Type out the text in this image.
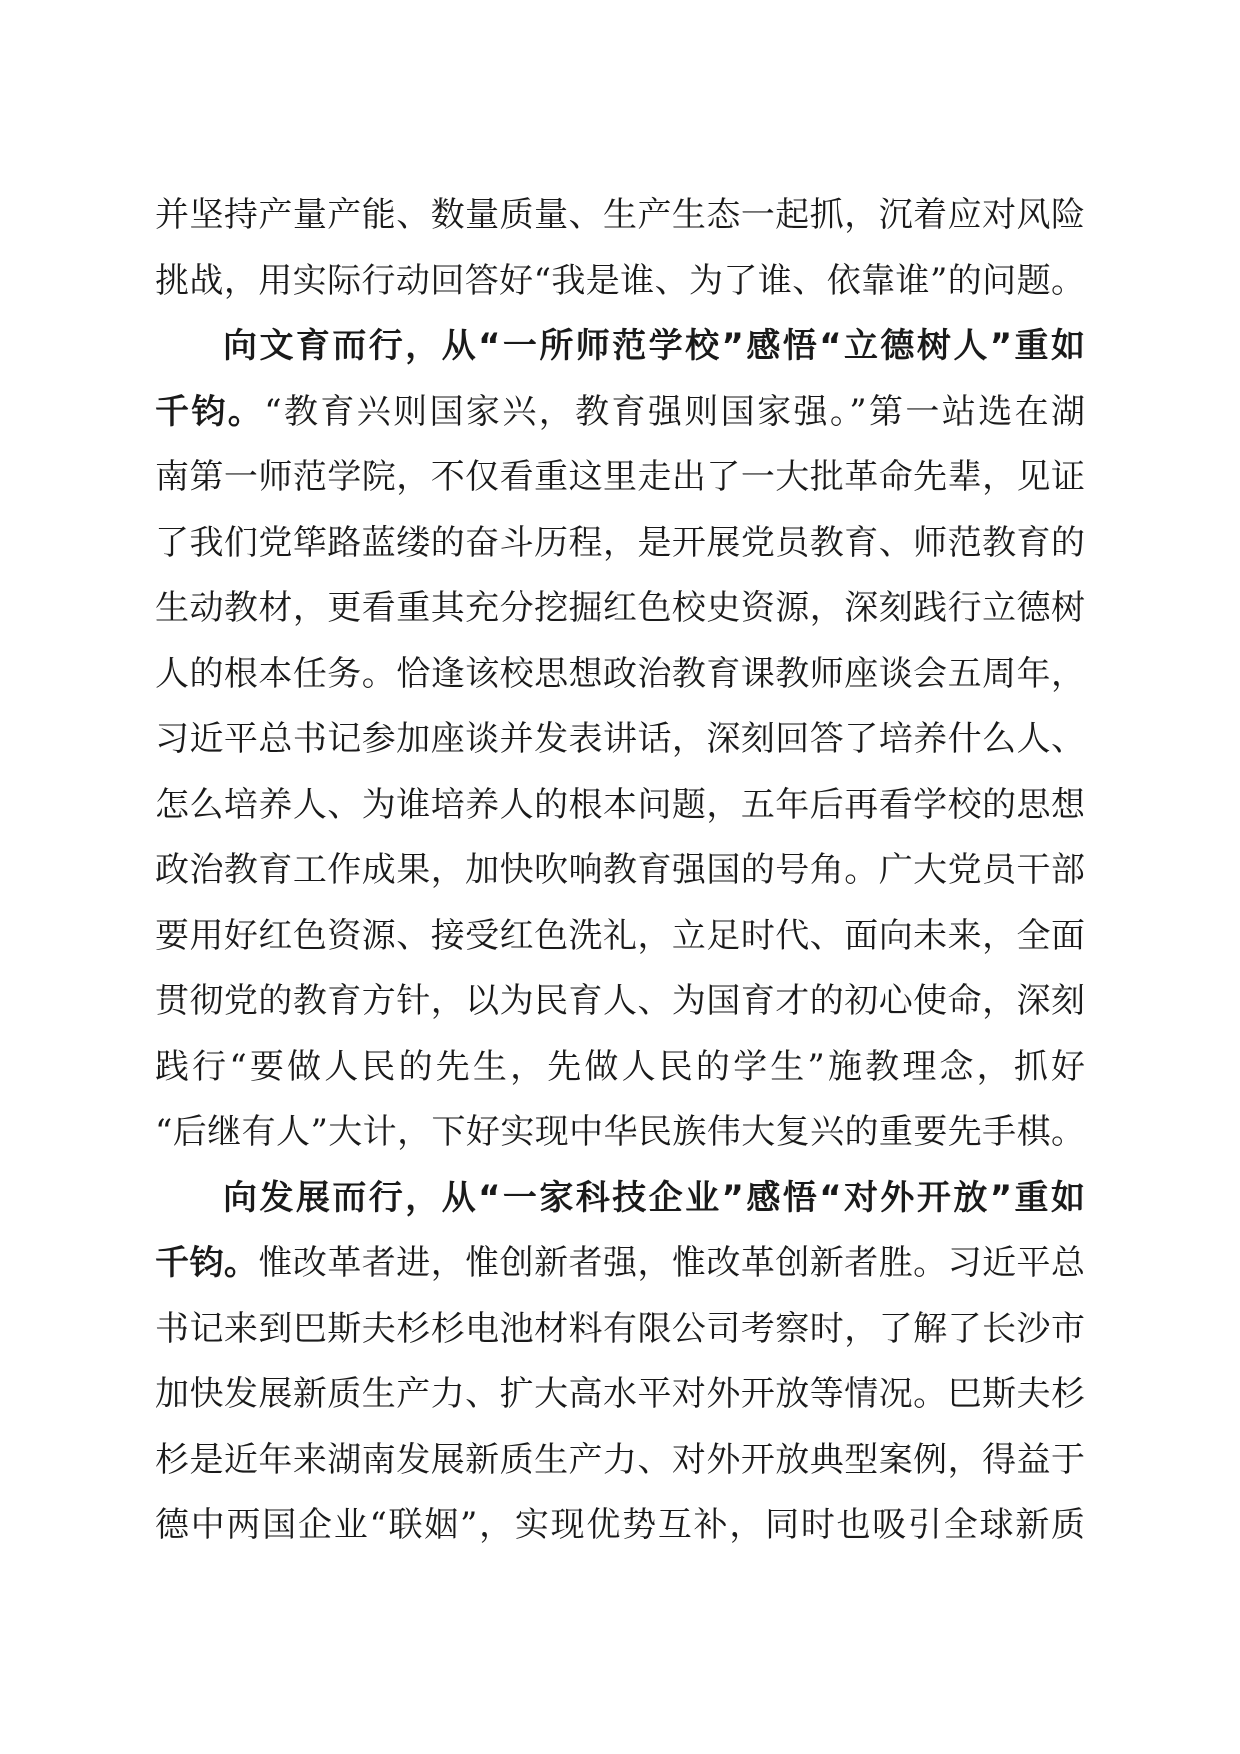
并坚持产量产能、数量质量、生产生态一起抓，沉着应对风险
挑战，用实际行动回答好“我是谁、为了谁、依靠谁”的问题。
向文育而行，从“一所师范学校”感悟“立德树人”重如
千钧。“教育兴则国家兴，教育强则国家强。”第一站选在湖
南第一师范学院，不仅看重这里走出了一大批革命先辈，见证
了我们党筚路蓝缕的奋斗历程，是开展党员教育、师范教育的
生动教材，更看重其充分挖掘红色校史资源，深刻践行立德树
人的根本任务。恰逢该校思想政治教育课教师座谈会五周年，
习近平总书记参加座谈并发表讲话，深刻回答了培养什么人、
怎么培养人、为谁培养人的根本问题，五年后再看学校的思想
政治教育工作成果，加快吹响教育强国的号角。广大党员干部
要用好红色资源、接受红色洗礼，立足时代、面向未来，全面
贯彻党的教育方针，以为民育人、为国育才的初心使命，深刻
践行“要做人民的先生，先做人民的学生”施教理念，抓好
“后继有人”大计，下好实现中华民族伟大复兴的重要先手棋。
向发展而行，从“一家科技企业”感悟“对外开放”重如
千钧。惟改革者进，惟创新者强，惟改革创新者胜。习近平总
书记来到巴斯夫杉杉电池材料有限公司考察时，了解了长沙市
加快发展新质生产力、扩大高水平对外开放等情况。巴斯夫杉
杉是近年来湖南发展新质生产力、对外开放典型案例，得益于
德中两国企业“联姻”，实现优势互补，同时也吸引全球新质
